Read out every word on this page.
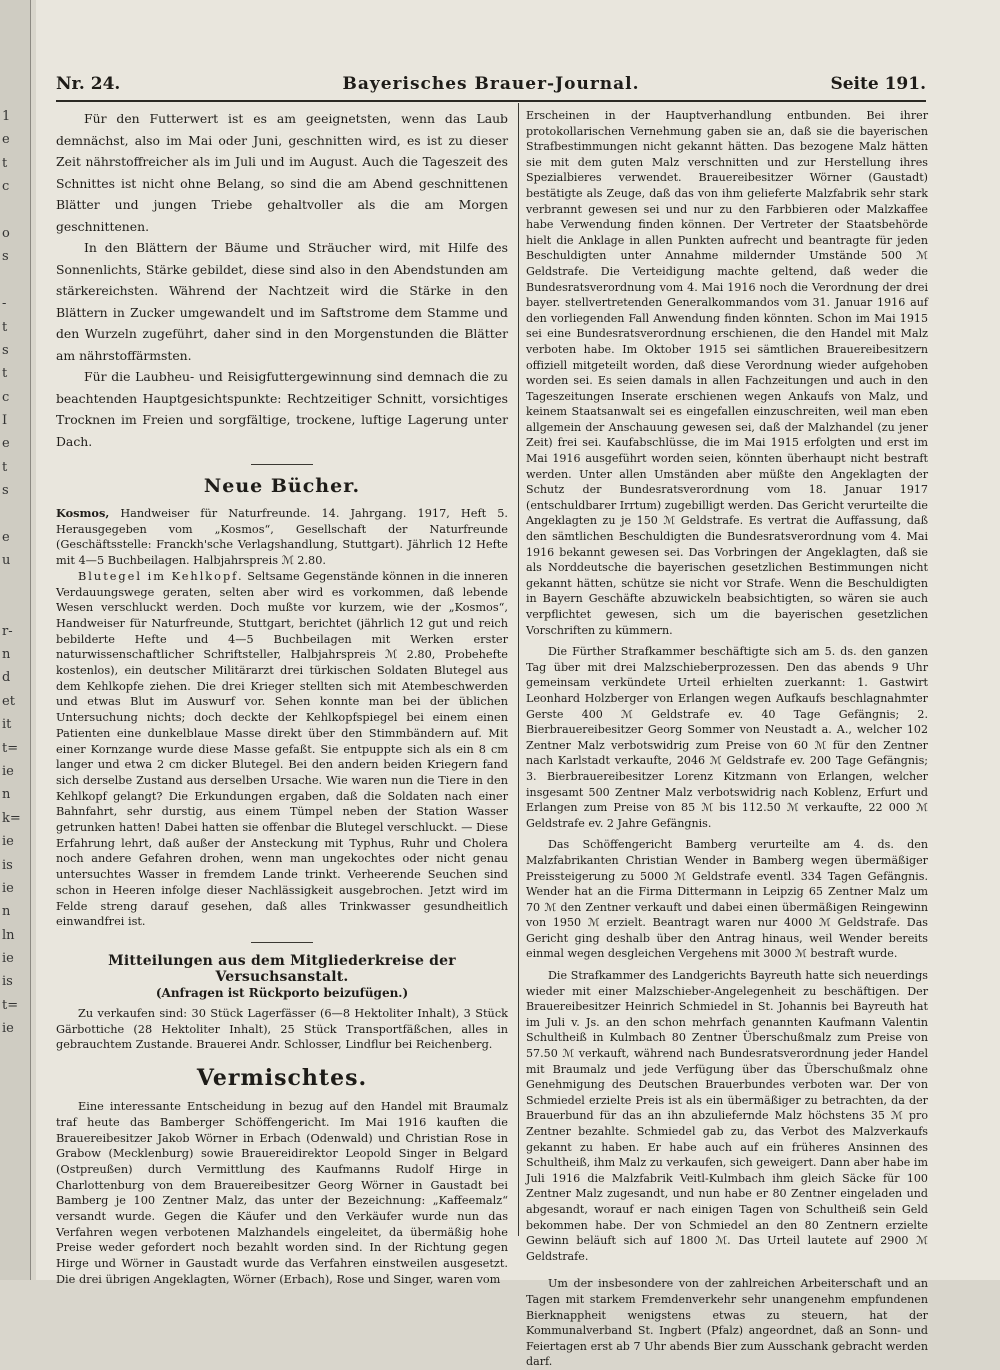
1
e
t
c
o
s
-
t
s
t
c
I
e
t
s
e
u
r-
n
d
et
it
t=
ie
n
k=
ie
is
ie
n
ln
ie
is
t=
ie
Nr. 24.	Bayerisches Brauer-Journal.	Seite 191.

Für den Futterwert ist es am geeignetsten, wenn das Laub demnächst, also im Mai oder Juni, geschnitten wird, es ist zu dieser Zeit nährstoffreicher als im Juli und im August. Auch die Tageszeit des Schnittes ist nicht ohne Belang, so sind die am Abend geschnittenen Blätter und jungen Triebe gehaltvoller als die am Morgen geschnittenen.

In den Blättern der Bäume und Sträucher wird, mit Hilfe des Sonnenlichts, Stärke gebildet, diese sind also in den Abendstunden am stärkereichsten. Während der Nachtzeit wird die Stärke in den Blättern in Zucker umgewandelt und im Saftstrome dem Stamme und den Wurzeln zugeführt, daher sind in den Morgenstunden die Blätter am nährstoffärmsten.

Für die Laubheu- und Reisigfuttergewinnung sind demnach die zu beachtenden Hauptgesichtspunkte: Rechtzeitiger Schnitt, vorsichtiges Trocknen im Freien und sorgfältige, trockene, luftige Lagerung unter Dach.

Neue Bücher.

Kosmos, Handweiser für Naturfreunde. 14. Jahrgang. 1917, Heft 5. Herausgegeben vom „Kosmos“, Gesellschaft der Naturfreunde (Geschäftsstelle: Franckh'sche Verlagshandlung, Stuttgart). Jährlich 12 Hefte mit 4—5 Buchbeilagen. Halbjahrspreis ℳ 2.80.

Blutegel im Kehlkopf. Seltsame Gegenstände können in die inneren Verdauungswege geraten, selten aber wird es vorkommen, daß lebende Wesen verschluckt werden. Doch mußte vor kurzem, wie der „Kosmos“, Handweiser für Naturfreunde, Stuttgart, berichtet (jährlich 12 gut und reich bebilderte Hefte und 4—5 Buchbeilagen mit Werken erster naturwissenschaftlicher Schriftsteller, Halbjahrspreis ℳ 2.80, Probehefte kostenlos), ein deutscher Militärarzt drei türkischen Soldaten Blutegel aus dem Kehlkopfe ziehen. Die drei Krieger stellten sich mit Atembeschwerden und etwas Blut im Auswurf vor. Sehen konnte man bei der üblichen Untersuchung nichts; doch deckte der Kehlkopfspiegel bei einem einen Patienten eine dunkelblaue Masse direkt über den Stimmbändern auf. Mit einer Kornzange wurde diese Masse gefaßt. Sie entpuppte sich als ein 8 cm langer und etwa 2 cm dicker Blutegel. Bei den andern beiden Kriegern fand sich derselbe Zustand aus derselben Ursache. Wie waren nun die Tiere in den Kehlkopf gelangt? Die Erkundungen ergaben, daß die Soldaten nach einer Bahnfahrt, sehr durstig, aus einem Tümpel neben der Station Wasser getrunken hatten! Dabei hatten sie offenbar die Blutegel verschluckt. — Diese Erfahrung lehrt, daß außer der Ansteckung mit Typhus, Ruhr und Cholera noch andere Gefahren drohen, wenn man ungekochtes oder nicht genau untersuchtes Wasser in fremdem Lande trinkt. Verheerende Seuchen sind schon in Heeren infolge dieser Nachlässigkeit ausgebrochen. Jetzt wird im Felde streng darauf gesehen, daß alles Trinkwasser gesundheitlich einwandfrei ist.

Mitteilungen aus dem Mitgliederkreise der Versuchsanstalt.
(Anfragen ist Rückporto beizufügen.)

Zu verkaufen sind: 30 Stück Lagerfässer (6—8 Hektoliter Inhalt), 3 Stück Gärbottiche (28 Hektoliter Inhalt), 25 Stück Transportfäßchen, alles in gebrauchtem Zustande. Brauerei Andr. Schlosser, Lindflur bei Reichenberg.

Vermischtes.

Eine interessante Entscheidung in bezug auf den Handel mit Braumalz traf heute das Bamberger Schöffengericht. Im Mai 1916 kauften die Brauereibesitzer Jakob Wörner in Erbach (Odenwald) und Christian Rose in Grabow (Mecklenburg) sowie Brauereidirektor Leopold Singer in Belgard (Ostpreußen) durch Vermittlung des Kaufmanns Rudolf Hirge in Charlottenburg von dem Brauereibesitzer Georg Wörner in Gaustadt bei Bamberg je 100 Zentner Malz, das unter der Bezeichnung: „Kaffeemalz“ versandt wurde. Gegen die Käufer und den Verkäufer wurde nun das Verfahren wegen verbotenen Malzhandels eingeleitet, da übermäßig hohe Preise weder gefordert noch bezahlt worden sind. In der Richtung gegen Hirge und Wörner in Gaustadt wurde das Verfahren einstweilen ausgesetzt. Die drei übrigen Angeklagten, Wörner (Erbach), Rose und Singer, waren vom

Erscheinen in der Hauptverhandlung entbunden. Bei ihrer protokollarischen Vernehmung gaben sie an, daß sie die bayerischen Strafbestimmungen nicht gekannt hätten. Das bezogene Malz hätten sie mit dem guten Malz verschnitten und zur Herstellung ihres Spezialbieres verwendet. Brauereibesitzer Wörner (Gaustadt) bestätigte als Zeuge, daß das von ihm gelieferte Malzfabrik sehr stark verbrannt gewesen sei und nur zu den Farbbieren oder Malzkaffee habe Verwendung finden können. Der Vertreter der Staatsbehörde hielt die Anklage in allen Punkten aufrecht und beantragte für jeden Beschuldigten unter Annahme mildernder Umstände 500 ℳ Geldstrafe. Die Verteidigung machte geltend, daß weder die Bundesratsverordnung vom 4. Mai 1916 noch die Verordnung der drei bayer. stellvertretenden Generalkommandos vom 31. Januar 1916 auf den vorliegenden Fall Anwendung finden könnten. Schon im Mai 1915 sei eine Bundesratsverordnung erschienen, die den Handel mit Malz verboten habe. Im Oktober 1915 sei sämtlichen Brauereibesitzern offiziell mitgeteilt worden, daß diese Verordnung wieder aufgehoben worden sei. Es seien damals in allen Fachzeitungen und auch in den Tageszeitungen Inserate erschienen wegen Ankaufs von Malz, und keinem Staatsanwalt sei es eingefallen einzuschreiten, weil man eben allgemein der Anschauung gewesen sei, daß der Malzhandel (zu jener Zeit) frei sei. Kaufabschlüsse, die im Mai 1915 erfolgten und erst im Mai 1916 ausgeführt worden seien, könnten überhaupt nicht bestraft werden. Unter allen Umständen aber müßte den Angeklagten der Schutz der Bundesratsverordnung vom 18. Januar 1917 (entschuldbarer Irrtum) zugebilligt werden. Das Gericht verurteilte die Angeklagten zu je 150 ℳ Geldstrafe. Es vertrat die Auffassung, daß den sämtlichen Beschuldigten die Bundesratsverordnung vom 4. Mai 1916 bekannt gewesen sei. Das Vorbringen der Angeklagten, daß sie als Norddeutsche die bayerischen gesetzlichen Bestimmungen nicht gekannt hätten, schütze sie nicht vor Strafe. Wenn die Beschuldigten in Bayern Geschäfte abzuwickeln beabsichtigten, so wären sie auch verpflichtet gewesen, sich um die bayerischen gesetzlichen Vorschriften zu kümmern.

Die Fürther Strafkammer beschäftigte sich am 5. ds. den ganzen Tag über mit drei Malzschieberprozessen. Den das abends 9 Uhr gemeinsam verkündete Urteil erhielten zuerkannt: 1. Gastwirt Leonhard Holzberger von Erlangen wegen Aufkaufs beschlagnahmter Gerste 400 ℳ Geldstrafe ev. 40 Tage Gefängnis; 2. Bierbrauereibesitzer Georg Sommer von Neustadt a. A., welcher 102 Zentner Malz verbotswidrig zum Preise von 60 ℳ für den Zentner nach Karlstadt verkaufte, 2046 ℳ Geldstrafe ev. 200 Tage Gefängnis; 3. Bierbrauereibesitzer Lorenz Kitzmann von Erlangen, welcher insgesamt 500 Zentner Malz verbotswidrig nach Koblenz, Erfurt und Erlangen zum Preise von 85 ℳ bis 112.50 ℳ verkaufte, 22 000 ℳ Geldstrafe ev. 2 Jahre Gefängnis.

Das Schöffengericht Bamberg verurteilte am 4. ds. den Malzfabrikanten Christian Wender in Bamberg wegen übermäßiger Preissteigerung zu 5000 ℳ Geldstrafe eventl. 334 Tagen Gefängnis. Wender hat an die Firma Dittermann in Leipzig 65 Zentner Malz um 70 ℳ den Zentner verkauft und dabei einen übermäßigen Reingewinn von 1950 ℳ erzielt. Beantragt waren nur 4000 ℳ Geldstrafe. Das Gericht ging deshalb über den Antrag hinaus, weil Wender bereits einmal wegen desgleichen Vergehens mit 3000 ℳ bestraft wurde.

Die Strafkammer des Landgerichts Bayreuth hatte sich neuerdings wieder mit einer Malzschieber-Angelegenheit zu beschäftigen. Der Brauereibesitzer Heinrich Schmiedel in St. Johannis bei Bayreuth hat im Juli v. Js. an den schon mehrfach genannten Kaufmann Valentin Schultheiß in Kulmbach 80 Zentner Überschußmalz zum Preise von 57.50 ℳ verkauft, während nach Bundesratsverordnung jeder Handel mit Braumalz und jede Verfügung über das Überschußmalz ohne Genehmigung des Deutschen Brauerbundes verboten war. Der von Schmiedel erzielte Preis ist als ein übermäßiger zu betrachten, da der Brauerbund für das an ihn abzuliefernde Malz höchstens 35 ℳ pro Zentner bezahlte. Schmiedel gab zu, das Verbot des Malzverkaufs gekannt zu haben. Er habe auch auf ein früheres Ansinnen des Schultheiß, ihm Malz zu verkaufen, sich geweigert. Dann aber habe im Juli 1916 die Malzfabrik Veitl-Kulmbach ihm gleich Säcke für 100 Zentner Malz zugesandt, und nun habe er 80 Zentner eingeladen und abgesandt, worauf er nach einigen Tagen von Schultheiß sein Geld bekommen habe. Der von Schmiedel an den 80 Zentnern erzielte Gewinn beläuft sich auf 1800 ℳ. Das Urteil lautete auf 2900 ℳ Geldstrafe.

Um der insbesondere von der zahlreichen Arbeiterschaft und an Tagen mit starkem Fremdenverkehr sehr unangenehm empfundenen Bierknappheit wenigstens etwas zu steuern, hat der Kommunalverband St. Ingbert (Pfalz) angeordnet, daß an Sonn- und Feiertagen erst ab 7 Uhr abends Bier zum Ausschank gebracht werden darf.
